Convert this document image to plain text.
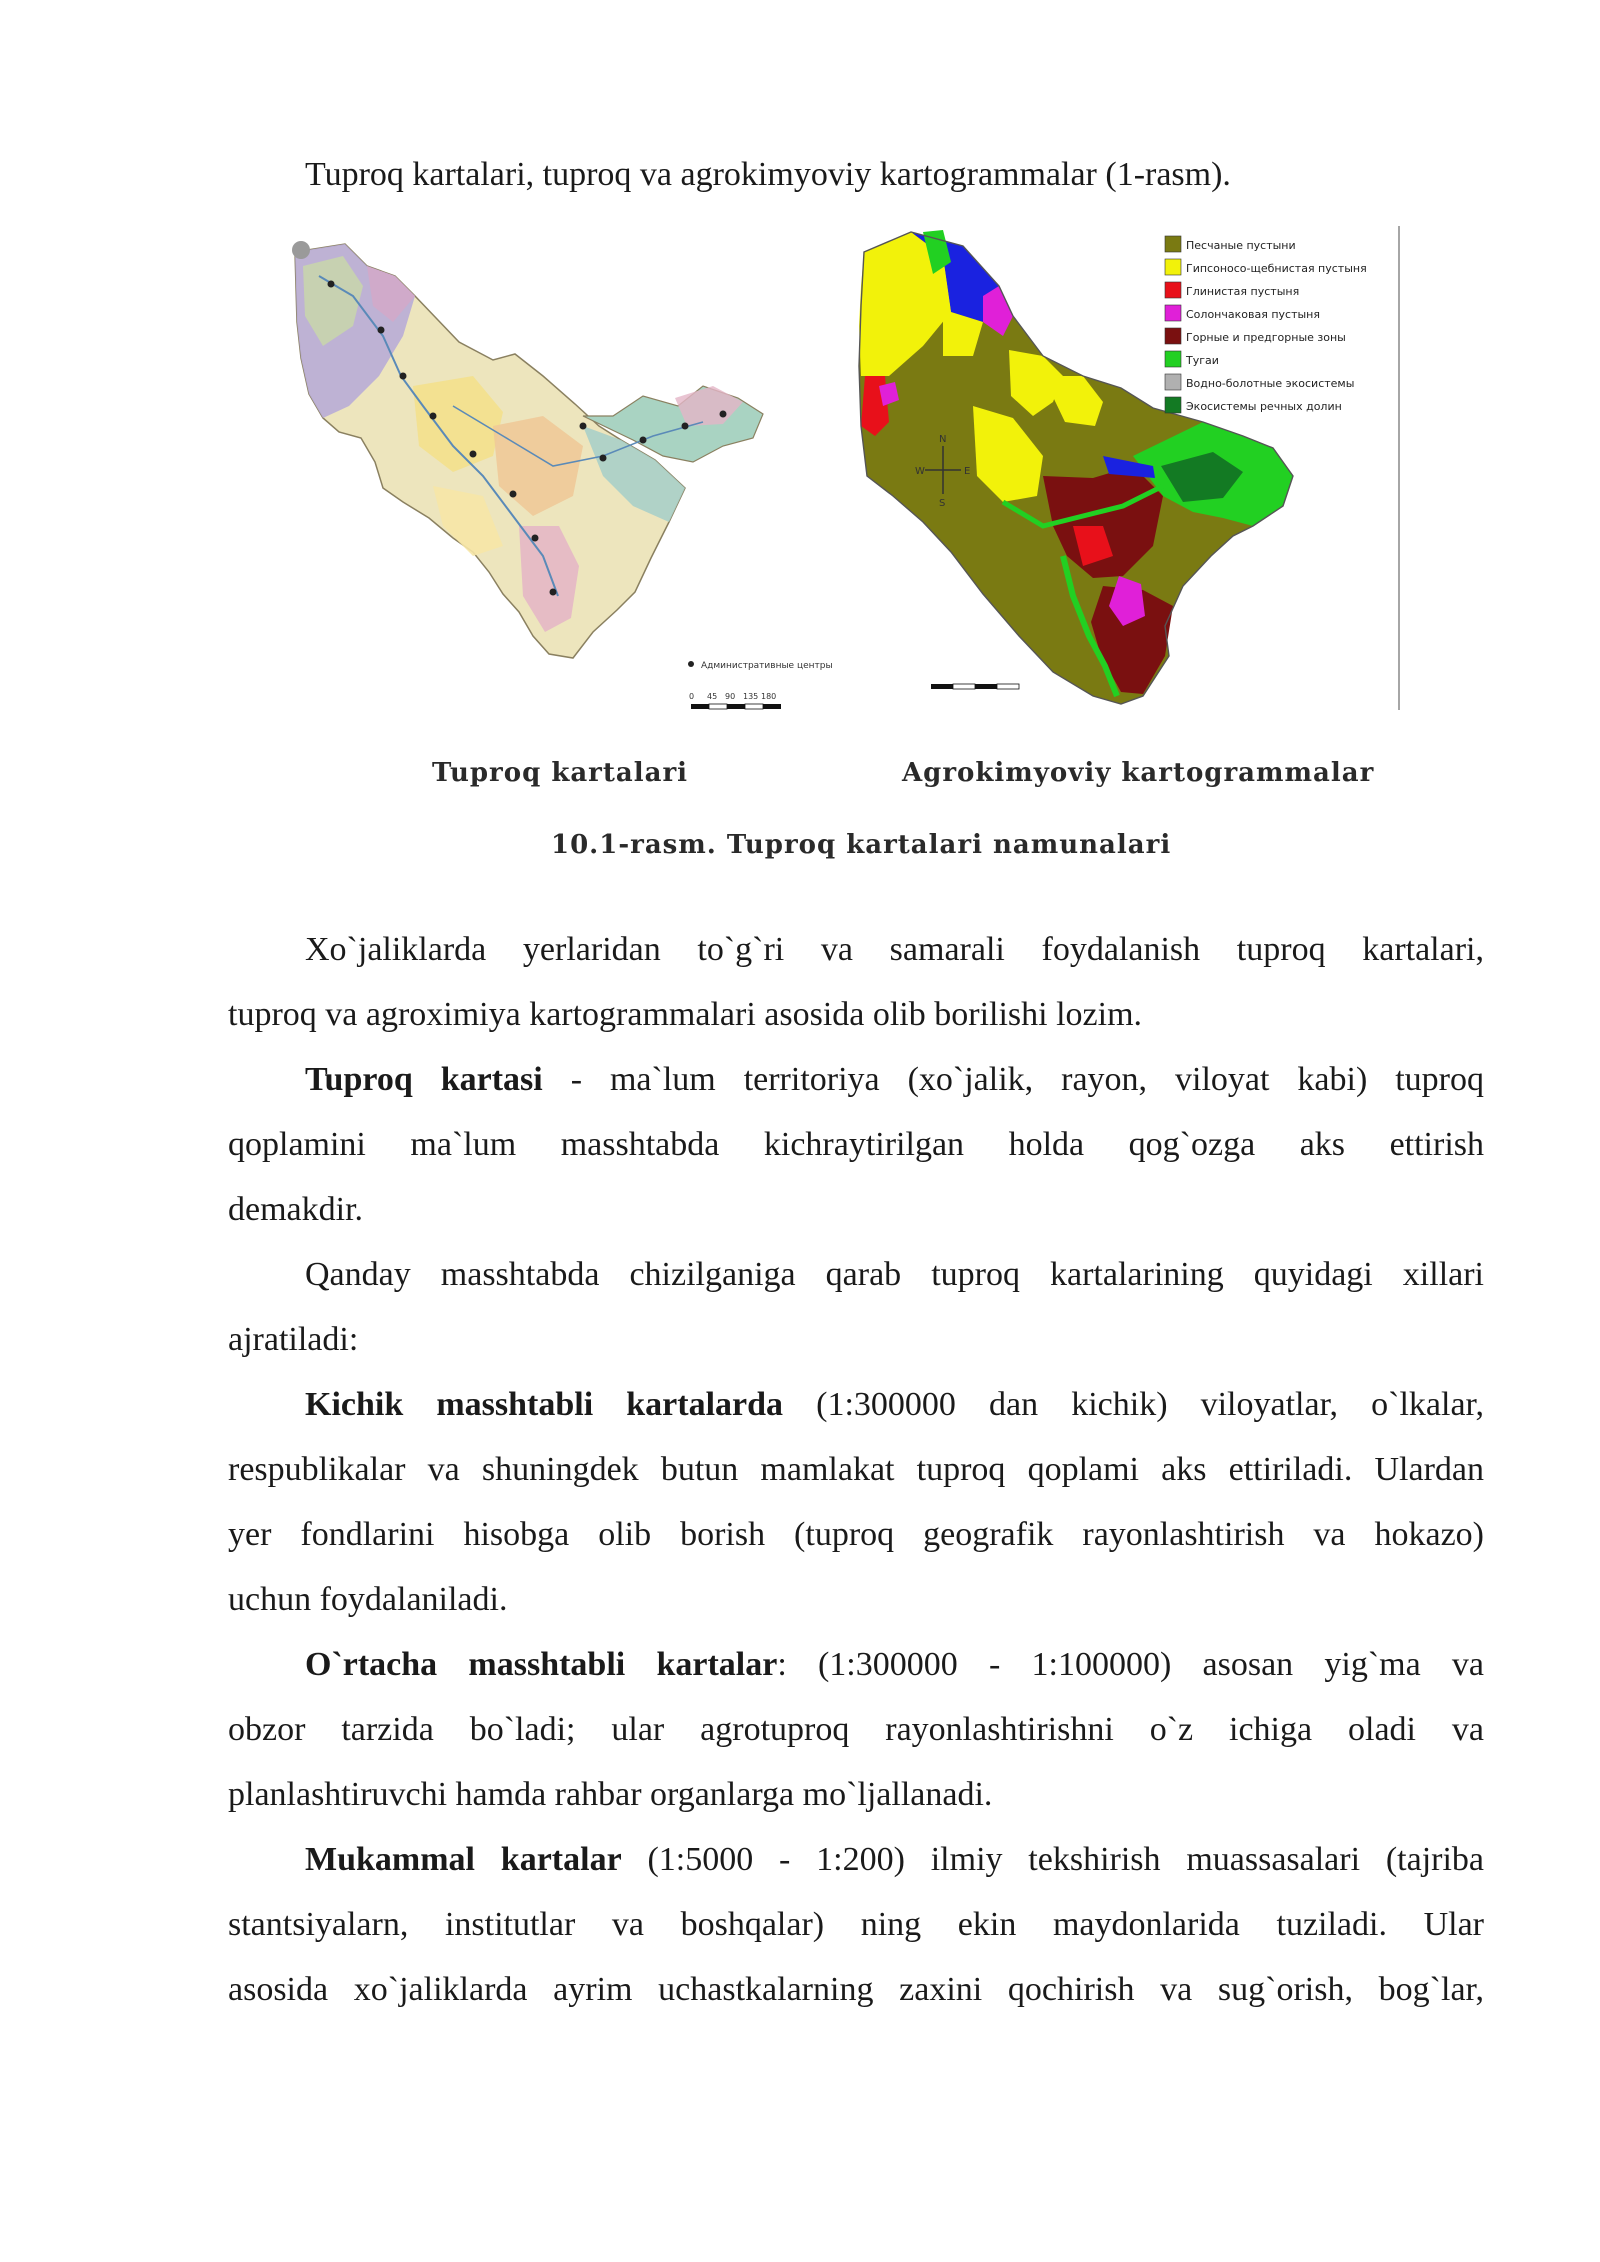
Tuproq kartalari, tuproq va agrokimyoviy kartogrammalar (1-rasm).
Административные центры
0 45 90 135 180
N
W	E
S
Песчаные пустыни
Гипсоносо-щебнистая пустыня
Глинистая пустыня
Солончаковая пустыня
Горные и предгорные зоны
Тугаи
Водно-болотные экосистемы
Экосистемы речных долин
Tuproq kartalari	Agrokimyoviy kartogrammalar
10.1-rasm. Tuproq kartalari namunalari
Xo`jaliklarda yerlaridan to`g`ri va samarali foydalanish tuproq kartalari,
tuproq va agroximiya kartogrammalari asosida olib borilishi lozim.
Tuproq kartasi - ma`lum territoriya (xo`jalik, rayon, viloyat kabi) tuproq
qoplamini ma`lum masshtabda kichraytirilgan holda qog`ozga aks ettirish
demakdir.
Qanday masshtabda chizilganiga qarab tuproq kartalarining quyidagi xillari
ajratiladi:
Kichik masshtabli kartalarda (1:300000 dan kichik) viloyatlar, o`lkalar,
respublikalar va shuningdek butun mamlakat tuproq qoplami aks ettiriladi. Ulardan
yer fondlarini hisobga olib borish (tuproq geografik rayonlashtirish va hokazo)
uchun foydalaniladi.
O`rtacha masshtabli kartalar: (1:300000 - 1:100000) asosan yig`ma va
obzor tarzida bo`ladi; ular agrotuproq rayonlashtirishni o`z ichiga oladi va
planlashtiruvchi hamda rahbar organlarga mo`ljallanadi.
Mukammal kartalar (1:5000 - 1:200) ilmiy tekshirish muassasalari (tajriba
stantsiyalarn, institutlar va boshqalar) ning ekin maydonlarida tuziladi. Ular
asosida xo`jaliklarda ayrim uchastkalarning zaxini qochirish va sug`orish, bog`lar,
